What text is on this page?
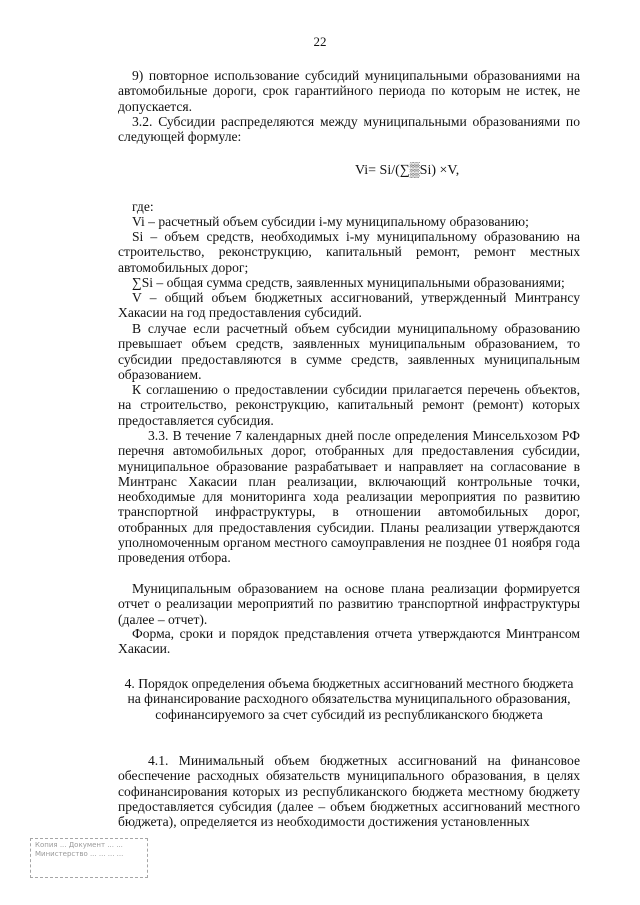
22

9) повторное использование субсидий муниципальными образованиями на автомобильные дороги, срок гарантийного периода по которым не истек, не допускается.

3.2. Субсидии распределяются между муниципальными образованиями по следующей формуле:

Vi= Si/(∑▒Si) ×V,
где:

Vi – расчетный объем субсидии i-му муниципальному образованию;

Si – объем средств, необходимых i-му муниципальному образованию на строительство, реконструкцию, капитальный ремонт, ремонт местных автомобильных дорог;

∑Si – общая сумма средств, заявленных муниципальными образованиями;

V – общий объем бюджетных ассигнований, утвержденный Минтрансу Хакасии на год предоставления субсидий.

В случае если расчетный объем субсидии муниципальному образованию превышает объем средств, заявленных муниципальным образованием, то субсидии предоставляются в сумме средств, заявленных муниципальным образованием.

К соглашению о предоставлении субсидии прилагается перечень объектов, на строительство, реконструкцию, капитальный ремонт (ремонт) которых предоставляется субсидия.

3.3. В течение 7 календарных дней после определения Минсельхозом РФ перечня автомобильных дорог, отобранных для предоставления субсидии, муниципальное образование разрабатывает и направляет на согласование в Минтранс Хакасии план реализации, включающий контрольные точки, необходимые для мониторинга хода реализации мероприятия по развитию транспортной инфраструктуры, в отношении автомобильных дорог, отобранных для предоставления субсидии. Планы реализации утверждаются уполномоченным органом местного самоуправления не позднее 01 ноября года проведения отбора.

Муниципальным образованием на основе плана реализации формируется отчет о реализации мероприятий по развитию транспортной инфраструктуры (далее – отчет).

Форма, сроки и порядок представления отчета утверждаются Минтрансом Хакасии.

4. Порядок определения объема бюджетных ассигнований местного бюджета на финансирование расходного обязательства муниципального образования, софинансируемого за счет субсидий из республиканского бюджета

4.1. Минимальный объем бюджетных ассигнований на финансовое обеспечение расходных обязательств муниципального образования, в целях софинансирования которых из республиканского бюджета местному бюджету предоставляется субсидия (далее – объем бюджетных ассигнований местного бюджета), определяется из необходимости достижения установленных

Копия ... Документ ... ... Министерство ... ... ... ...
